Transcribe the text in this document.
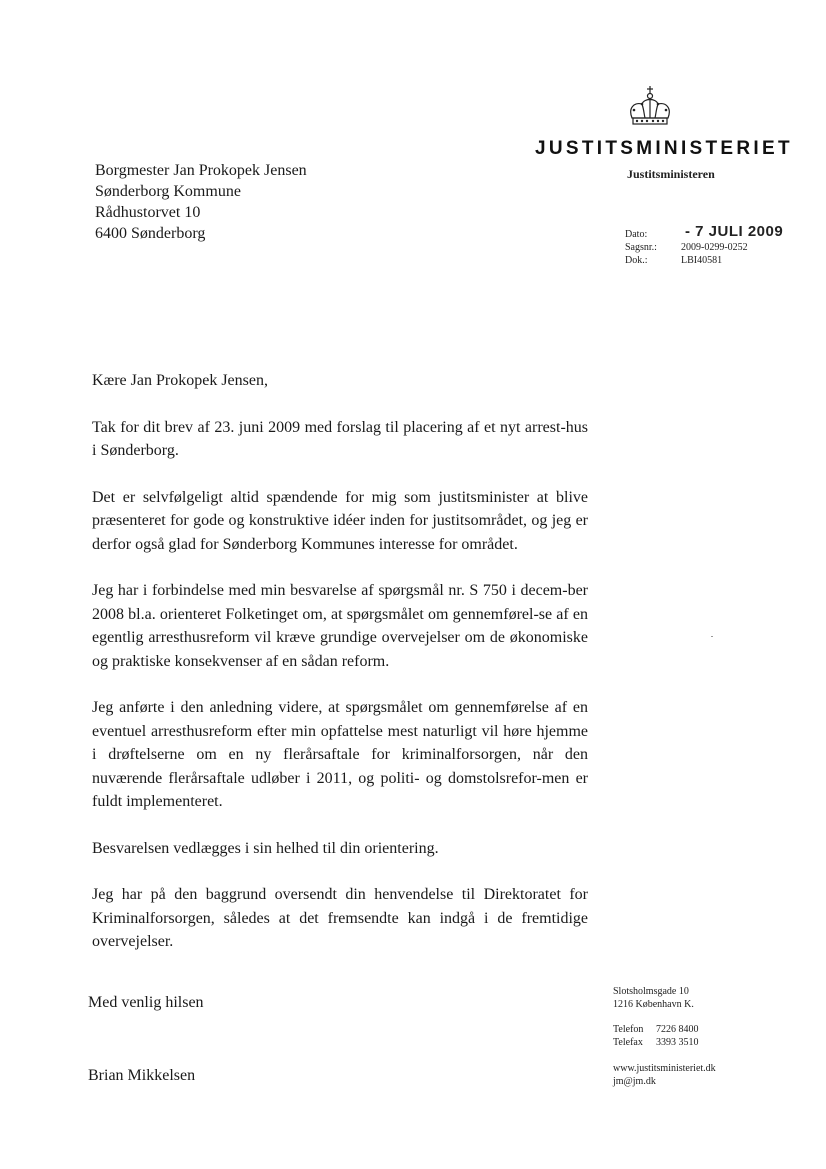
JUSTITSMINISTERIET
Justitsministeren
Borgmester Jan Prokopek Jensen
Sønderborg Kommune
Rådhustorvet 10
6400 Sønderborg	Dato:	- 7 JULI 2009
Sagsnr.:	2009-0299-0252
Dok.:	LBI40581

Kære Jan Prokopek Jensen,

Tak for dit brev af 23. juni 2009 med forslag til placering af et nyt arrest-hus i Sønderborg.

Det er selvfølgeligt altid spændende for mig som justitsminister at blive præsenteret for gode og konstruktive idéer inden for justitsområdet, og jeg er derfor også glad for Sønderborg Kommunes interesse for området.

Jeg har i forbindelse med min besvarelse af spørgsmål nr. S 750 i decem-ber 2008 bl.a. orienteret Folketinget om, at spørgsmålet om gennemførel-se af en egentlig arresthusreform vil kræve grundige overvejelser om de økonomiske og praktiske konsekvenser af en sådan reform.

Jeg anførte i den anledning videre, at spørgsmålet om gennemførelse af en eventuel arresthusreform efter min opfattelse mest naturligt vil høre hjemme i drøftelserne om en ny flerårsaftale for kriminalforsorgen, når den nuværende flerårsaftale udløber i 2011, og politi- og domstolsrefor-men er fuldt implementeret.

Besvarelsen vedlægges i sin helhed til din orientering.

Jeg har på den baggrund oversendt din henvendelse til Direktoratet for Kriminalforsorgen, således at det fremsendte kan indgå i de fremtidige overvejelser.

Med venlig hilsen
Brian Mikkelsen
Slotsholmsgade 10
1216 København K.
Telefon	7226 8400
Telefax	3393 3510
www.justitsministeriet.dk
jm@jm.dk
